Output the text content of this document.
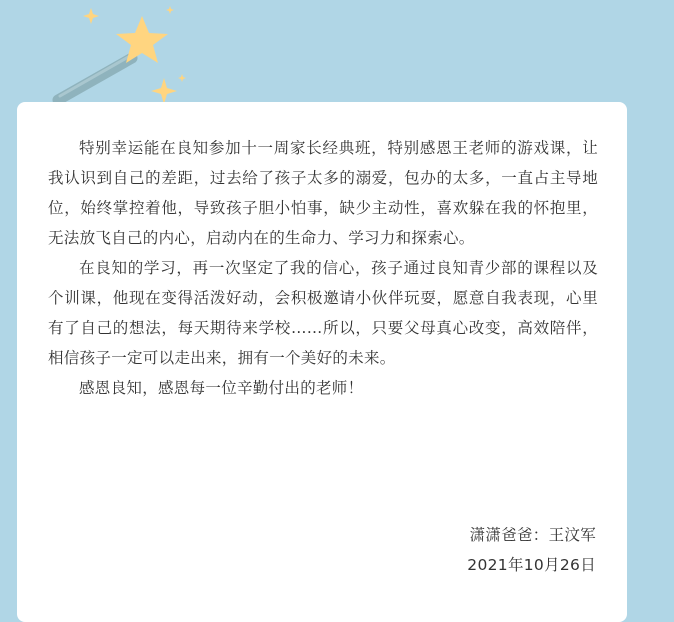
特别幸运能在良知参加十一周家长经典班，特别感恩王老师的游戏课，让我认识到自己的差距，过去给了孩子太多的溺爱，包办的太多，一直占主导地位，始终掌控着他，导致孩子胆小怕事，缺少主动性，喜欢躲在我的怀抱里，无法放飞自己的内心，启动内在的生命力、学习力和探索心。

在良知的学习，再一次坚定了我的信心，孩子通过良知青少部的课程以及个训课，他现在变得活泼好动，会积极邀请小伙伴玩耍，愿意自我表现，心里有了自己的想法，每天期待来学校……所以，只要父母真心改变，高效陪伴，相信孩子一定可以走出来，拥有一个美好的未来。

感恩良知，感恩每一位辛勤付出的老师！

潇潇爸爸：王汶军
2021年10月26日
